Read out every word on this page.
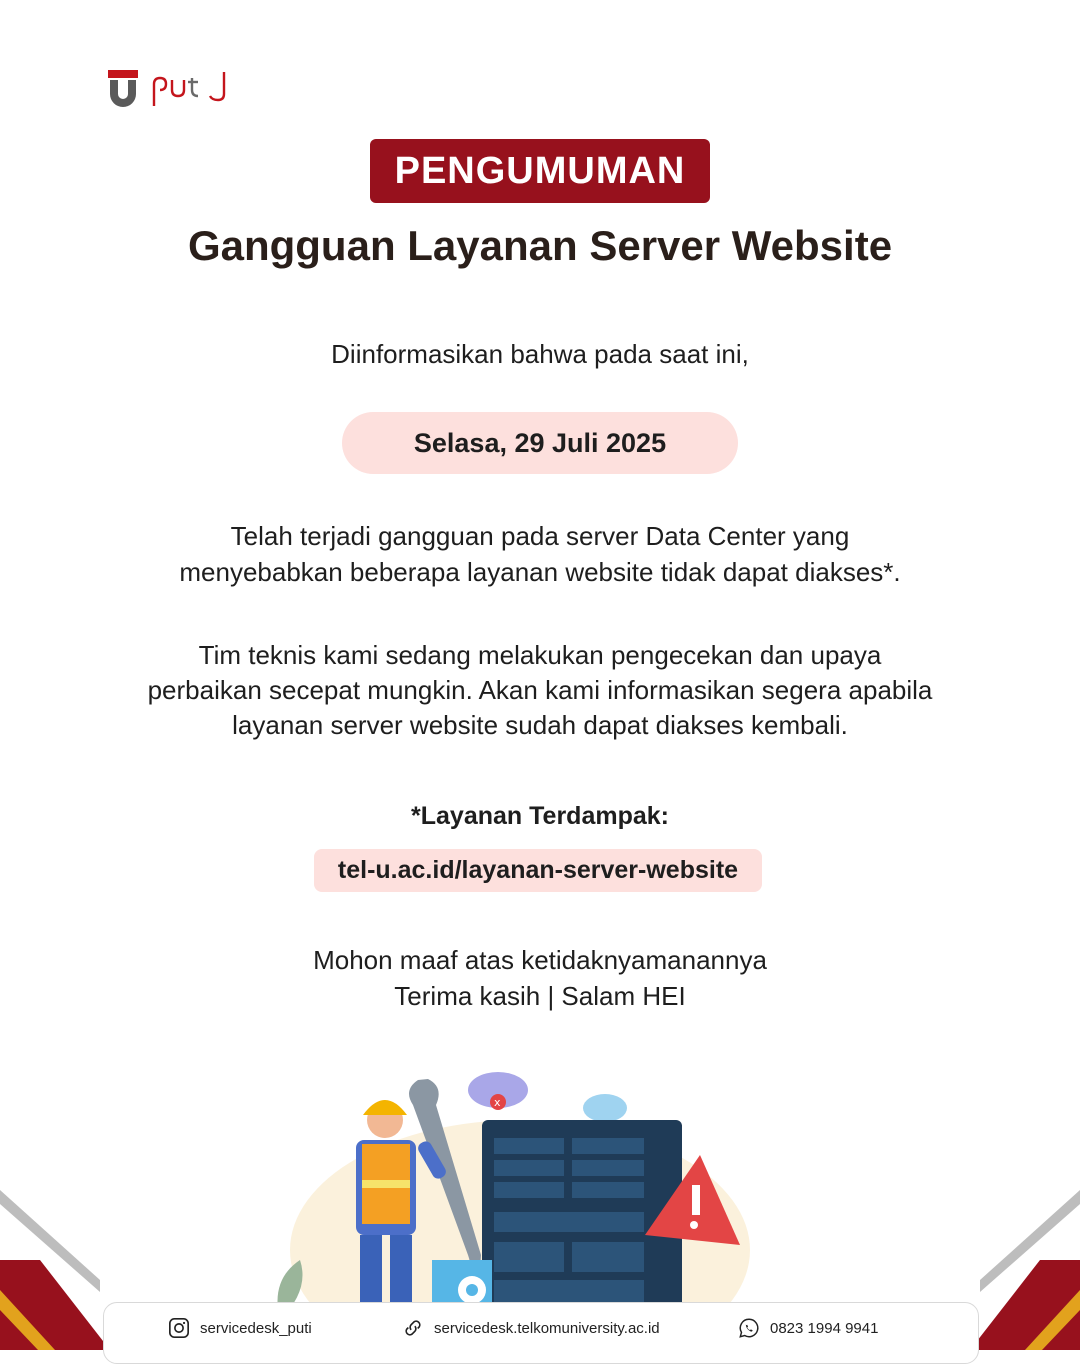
PENGUMUMAN
Gangguan Layanan Server Website
Diinformasikan bahwa pada saat ini,
Selasa, 29 Juli 2025
Telah terjadi gangguan pada server Data Center yang
menyebabkan beberapa layanan website tidak dapat diakses*.
Tim teknis kami sedang melakukan pengecekan dan upaya
perbaikan secepat mungkin. Akan kami informasikan segera apabila
layanan server website sudah dapat diakses kembali.
*Layanan Terdampak:
tel-u.ac.id/layanan-server-website
Mohon maaf atas ketidaknyamanannya
Terima kasih | Salam HEI
x
servicedesk_puti	servicedesk.telkomuniversity.ac.id	0823 1994 9941
